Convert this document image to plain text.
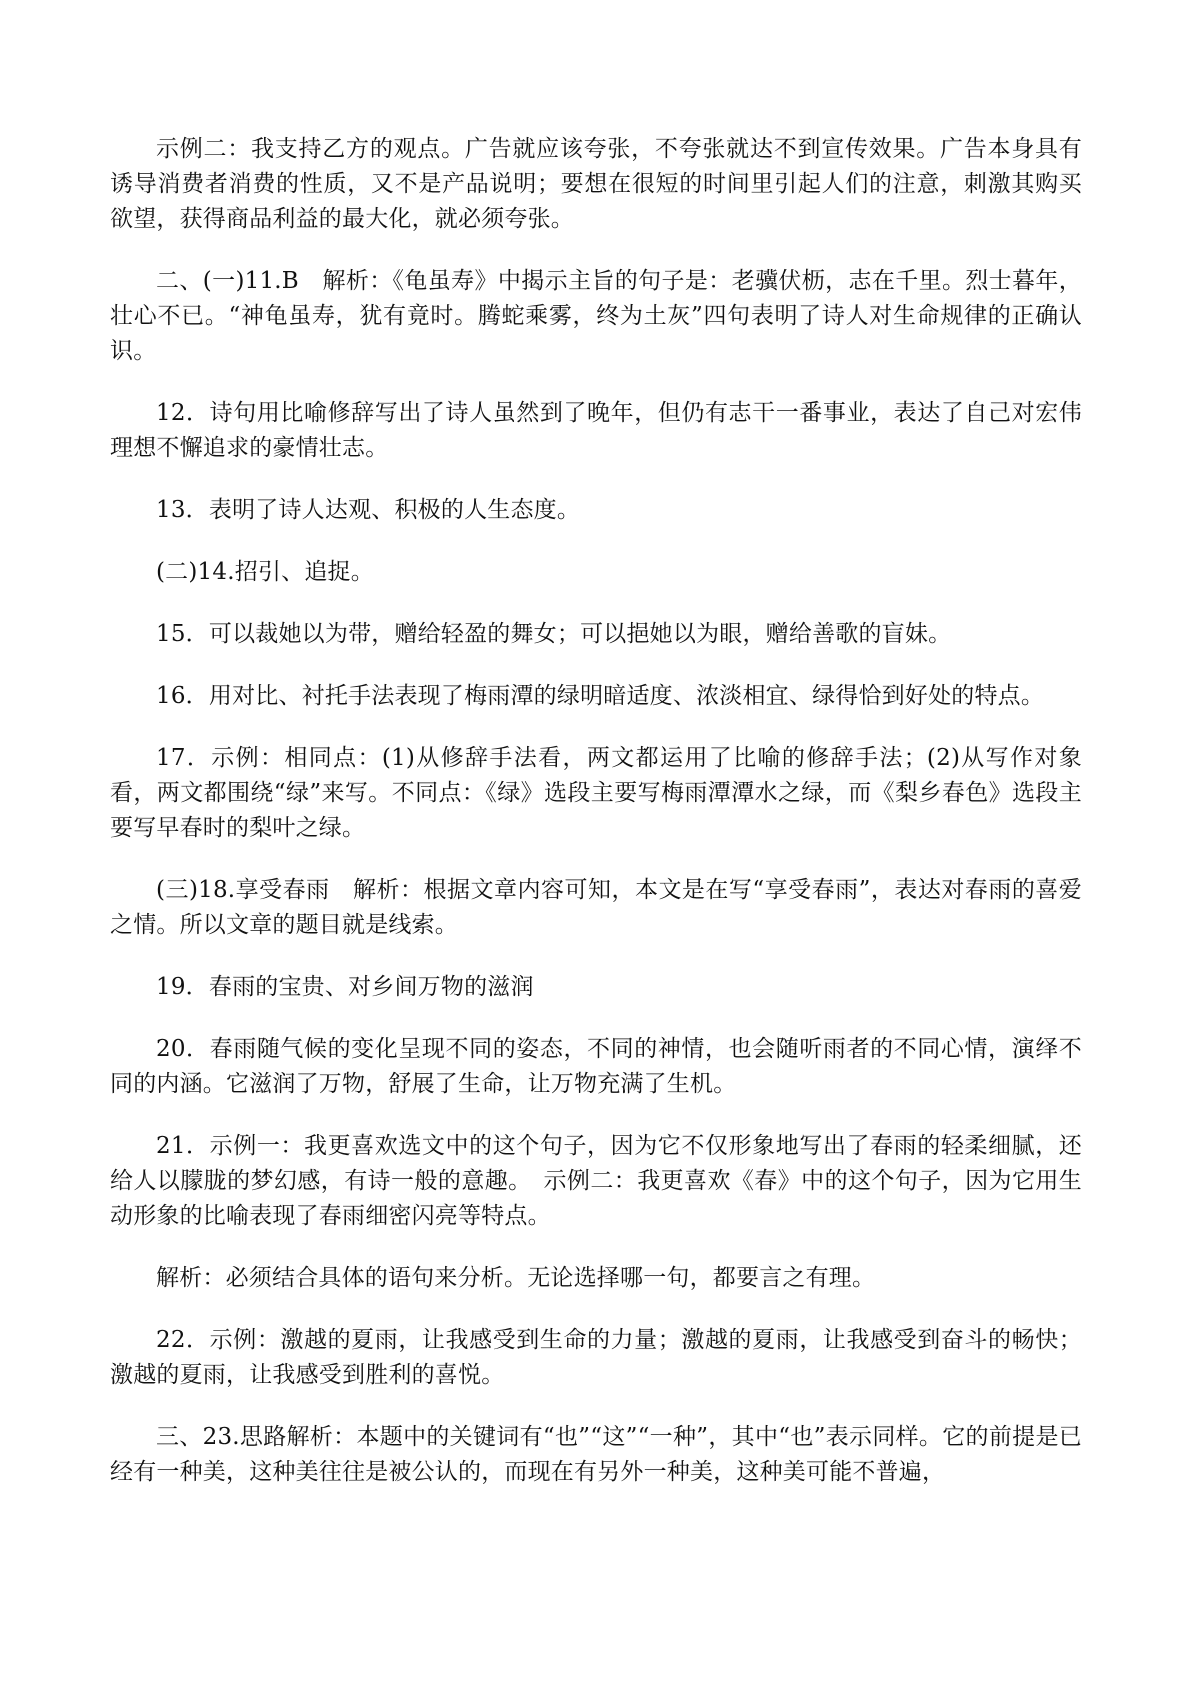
示例二：我支持乙方的观点。广告就应该夸张，不夸张就达不到宣传效果。广告本身具有诱导消费者消费的性质，又不是产品说明；要想在很短的时间里引起人们的注意，刺激其购买欲望，获得商品利益的最大化，就必须夸张。

二、(一)11.B　解析：《龟虽寿》中揭示主旨的句子是：老骥伏枥，志在千里。烈士暮年，壮心不已。“神龟虽寿，犹有竟时。腾蛇乘雾，终为土灰”四句表明了诗人对生命规律的正确认识。

12．诗句用比喻修辞写出了诗人虽然到了晚年，但仍有志干一番事业，表达了自己对宏伟理想不懈追求的豪情壮志。

13．表明了诗人达观、积极的人生态度。

(二)14.招引、追捉。

15．可以裁她以为带，赠给轻盈的舞女；可以挹她以为眼，赠给善歌的盲妹。

16．用对比、衬托手法表现了梅雨潭的绿明暗适度、浓淡相宜、绿得恰到好处的特点。

17．示例：相同点：(1)从修辞手法看，两文都运用了比喻的修辞手法；(2)从写作对象看，两文都围绕“绿”来写。不同点：《绿》选段主要写梅雨潭潭水之绿，而《梨乡春色》选段主要写早春时的梨叶之绿。

(三)18.享受春雨　解析：根据文章内容可知，本文是在写“享受春雨”，表达对春雨的喜爱之情。所以文章的题目就是线索。

19．春雨的宝贵、对乡间万物的滋润

20．春雨随气候的变化呈现不同的姿态，不同的神情，也会随听雨者的不同心情，演绎不同的内涵。它滋润了万物，舒展了生命，让万物充满了生机。

21．示例一：我更喜欢选文中的这个句子，因为它不仅形象地写出了春雨的轻柔细腻，还给人以朦胧的梦幻感，有诗一般的意趣。　示例二：我更喜欢《春》中的这个句子，因为它用生动形象的比喻表现了春雨细密闪亮等特点。

解析：必须结合具体的语句来分析。无论选择哪一句，都要言之有理。

22．示例：激越的夏雨，让我感受到生命的力量；激越的夏雨，让我感受到奋斗的畅快；激越的夏雨，让我感受到胜利的喜悦。

三、23.思路解析：本题中的关键词有“也”“这”“一种”，其中“也”表示同样。它的前提是已经有一种美，这种美往往是被公认的，而现在有另外一种美，这种美可能不普遍，
